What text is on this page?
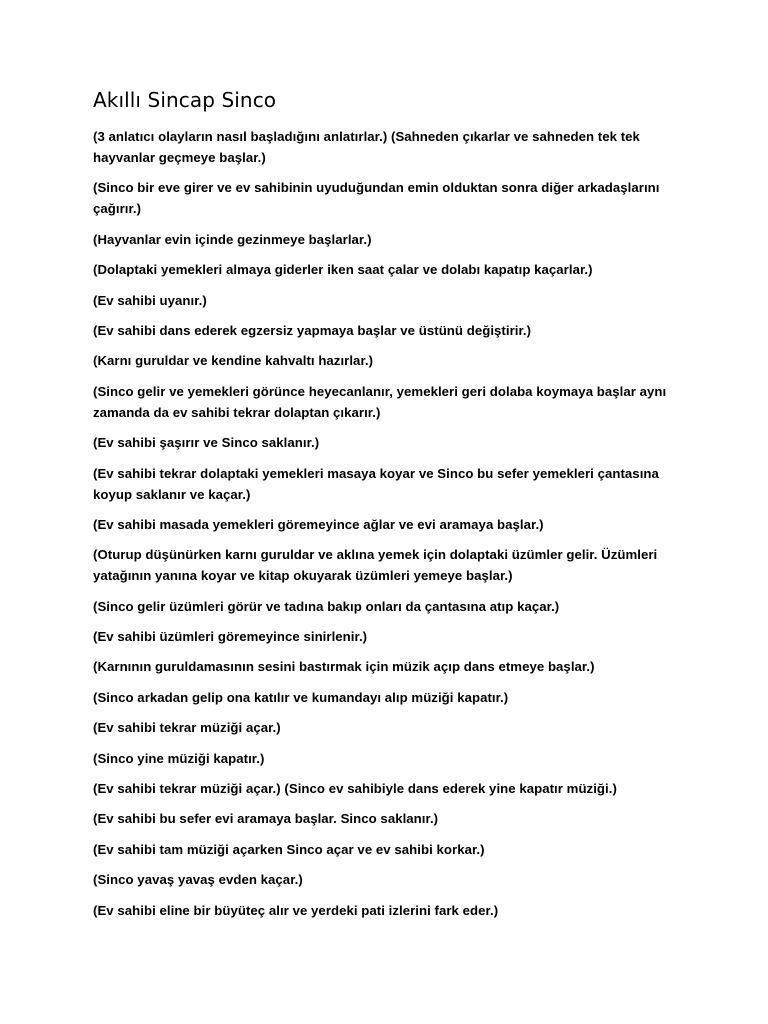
Akıllı Sincap Sinco

(3 anlatıcı olayların nasıl başladığını anlatırlar.) (Sahneden çıkarlar ve sahneden tek tek hayvanlar geçmeye başlar.)

(Sinco bir eve girer ve ev sahibinin uyuduğundan emin olduktan sonra diğer arkadaşlarını çağırır.)

(Hayvanlar evin içinde gezinmeye başlarlar.)

(Dolaptaki yemekleri almaya giderler iken saat çalar ve dolabı kapatıp kaçarlar.)

(Ev sahibi uyanır.)

(Ev sahibi dans ederek egzersiz yapmaya başlar ve üstünü değiştirir.)

(Karnı guruldar ve kendine kahvaltı hazırlar.)

(Sinco gelir ve yemekleri görünce heyecanlanır, yemekleri geri dolaba koymaya başlar aynı zamanda da ev sahibi tekrar dolaptan çıkarır.)

(Ev sahibi şaşırır ve Sinco saklanır.)

(Ev sahibi tekrar dolaptaki yemekleri masaya koyar ve Sinco bu sefer yemekleri çantasına koyup saklanır ve kaçar.)

(Ev sahibi masada yemekleri göremeyince ağlar ve evi aramaya başlar.)

(Oturup düşünürken karnı guruldar ve aklına yemek için dolaptaki üzümler gelir. Üzümleri yatağının yanına koyar ve kitap okuyarak üzümleri yemeye başlar.)

(Sinco gelir üzümleri görür ve tadına bakıp onları da çantasına atıp kaçar.)

(Ev sahibi üzümleri göremeyince sinirlenir.)

(Karnının guruldamasının sesini bastırmak için müzik açıp dans etmeye başlar.)

(Sinco arkadan gelip ona katılır ve kumandayı alıp müziği kapatır.)

(Ev sahibi tekrar müziği açar.)

(Sinco yine müziği kapatır.)

(Ev sahibi tekrar müziği açar.) (Sinco ev sahibiyle dans ederek yine kapatır müziği.)

(Ev sahibi bu sefer evi aramaya başlar. Sinco saklanır.)

(Ev sahibi tam müziği açarken Sinco açar ve ev sahibi korkar.)

(Sinco yavaş yavaş evden kaçar.)

(Ev sahibi eline bir büyüteç alır ve yerdeki pati izlerini fark eder.)
